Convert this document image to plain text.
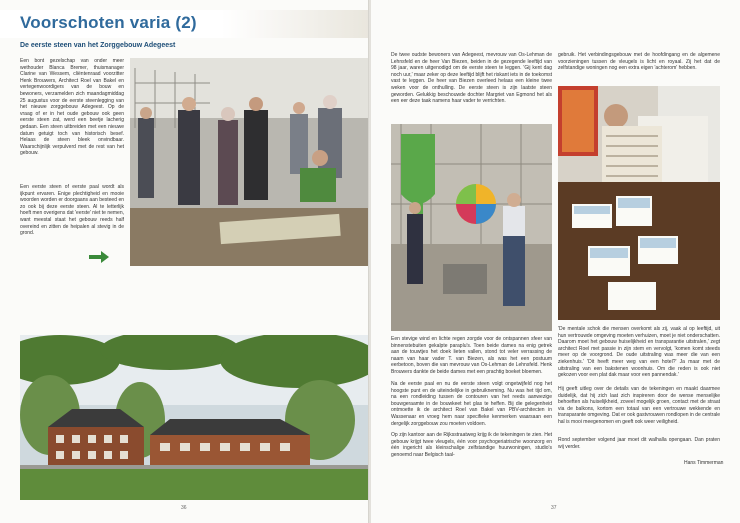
Voorschoten varia (2)
De eerste steen van het Zorggebouw Adegeest
Een bont gezelschap van onder meer wethouder Blanca Bremer, thuismanager Clarine van Wessem, cliëntenraad voorzitter Henk Brouwers, Architect Roel van Bakel en vertegenwoordigers van de bouw en bewoners, verzamelden zich maandagmiddag 25 augustus voor de eerste steenlegging van het nieuwe zorggebouw Adegeest. Op de vraag of er in het oude gebouw ook geen eerste steen zat, werd een beetje lacherig gedaan. Een steen uitbreiden met een nieuwe datum getuigt toch van historisch besef. Helaas de steen bleek onvindbaar. Waarschijnlijk verpulverd met de rest van het gebouw.
Een eerste steen of eerste paal wordt als ijkpunt ervaren. Enige plechtigheid en mooie woorden worden er doorgaans aan besteed en zo ook bij deze eerste steen. Al te letterlijk hoeft men overigens dat 'eerste' niet te nemen, want meestal staat het gebouw reeds half overeind en zitten de heipalen al stevig in de grond.
36
De twee oudste bewoners van Adegeest, mevrouw van Os-Lehman de Lehnsfeld en de heer Van Biezen, beiden in de gezegende leeftijd van 98 jaar, waren uitgenodigd om de eerste steen te leggen. 'Gij kent dag noch uur,' maar zeker op deze leeftijd blijft het riskant iets in de toekomst vast te leggen. De heer van Biezen overleed helaas een kleine twee weken voor de onthulling. De eerste steen is zijn laatste steen geworden. Gelukkig beschouwde dochter Margriet van Egmond het als een eer deze taak namens haar vader te verrichten.
Een stevige wind en lichte regen zorgde voor de ontspannen sfeer van binnenstebuiten gekalpte paraplu's. Toen beide dames na enig getrek aan de touwtjes het doek lieten vallen, stond tot veler verrassing de naam van haar vader T. van Biezen, als was het een postuum eerbetoon, boven die van mevrouw van Os-Lehman de Lehnsfeld. Henk Brouwers dankte de beide dames met een prachtig boeket bloemen.
Na de eerste paal en nu de eerste steen volgt ongetwijfeld nog het hoogste punt en de uiteindelijke in gebruikneming. Nu was het tijd om, na een rondleiding tussen de contouren van het reeds aanwezige bouwgeraamte in de bouwkeet het glas te heffen. Bij die gelegenheid ontmoette ik de architect Roel van Bakel van PBV-architecten in Wassenaar en vroeg hem naar specifieke kenmerken waarsaan een dergelijk zorggebouw zou moeten voldoen.
Op zijn kantoor aan de Rijksstraatweg krijg ik de tekeningen te zien. Het gebouw krijgt twee vleugels, één voor psychogeriatrische woonzorg en één ingericht als kleinschalige zelfstandige huurwoningen, studio's genoemd naar Belgisch taal-
gebruik. Het verbindingsgebouw met de hoofdingang en de algemene voorzieningen tussen de vleugels is licht en royaal. Zij het dat de zelfstandige woningen nog een extra eigen 'achterom' hebben.
'De mentale schok die mensen overkomt als zij, vaak al op leeftijd, uit hun vertrouwde omgeving moeten verhuizen, moet je niet onderschatten. Daarom moet het gebouw huiselijkheid en transparantie uitstralen,' zegt architect Roel met passie in zijn stem en vervolgt, 'komen komt steeds meer op de voorgrond. De oude uitstraling was meer die van een ziekenhuis.' 'Dit heeft meer weg van een hotel?' Ja maar met de uitstraling van een bakstenen woonhuis. Om die reden is ook niet gekozen voor een plat dak maar voor een pannendak.'
Hij geeft uitleg over de details van de tekeningen en maakt daarmee duidelijk, dat hij zich laat zich inspireren door de wense menselijke behoeften als huiselijkheid, zoveel mogelijk groen, contact met de straat via de balkons, kortom een totaal van een vertrouwe wekkende en transparante omgeving. Dat er ook gastvrouwen rondlopen in de centrale hal is mooi meegenomen en geeft ook weer veiligheid.
Rond september volgend jaar moet dit walhalla opengaan. Dan praten wij verder.
Hans Timmerman
37
